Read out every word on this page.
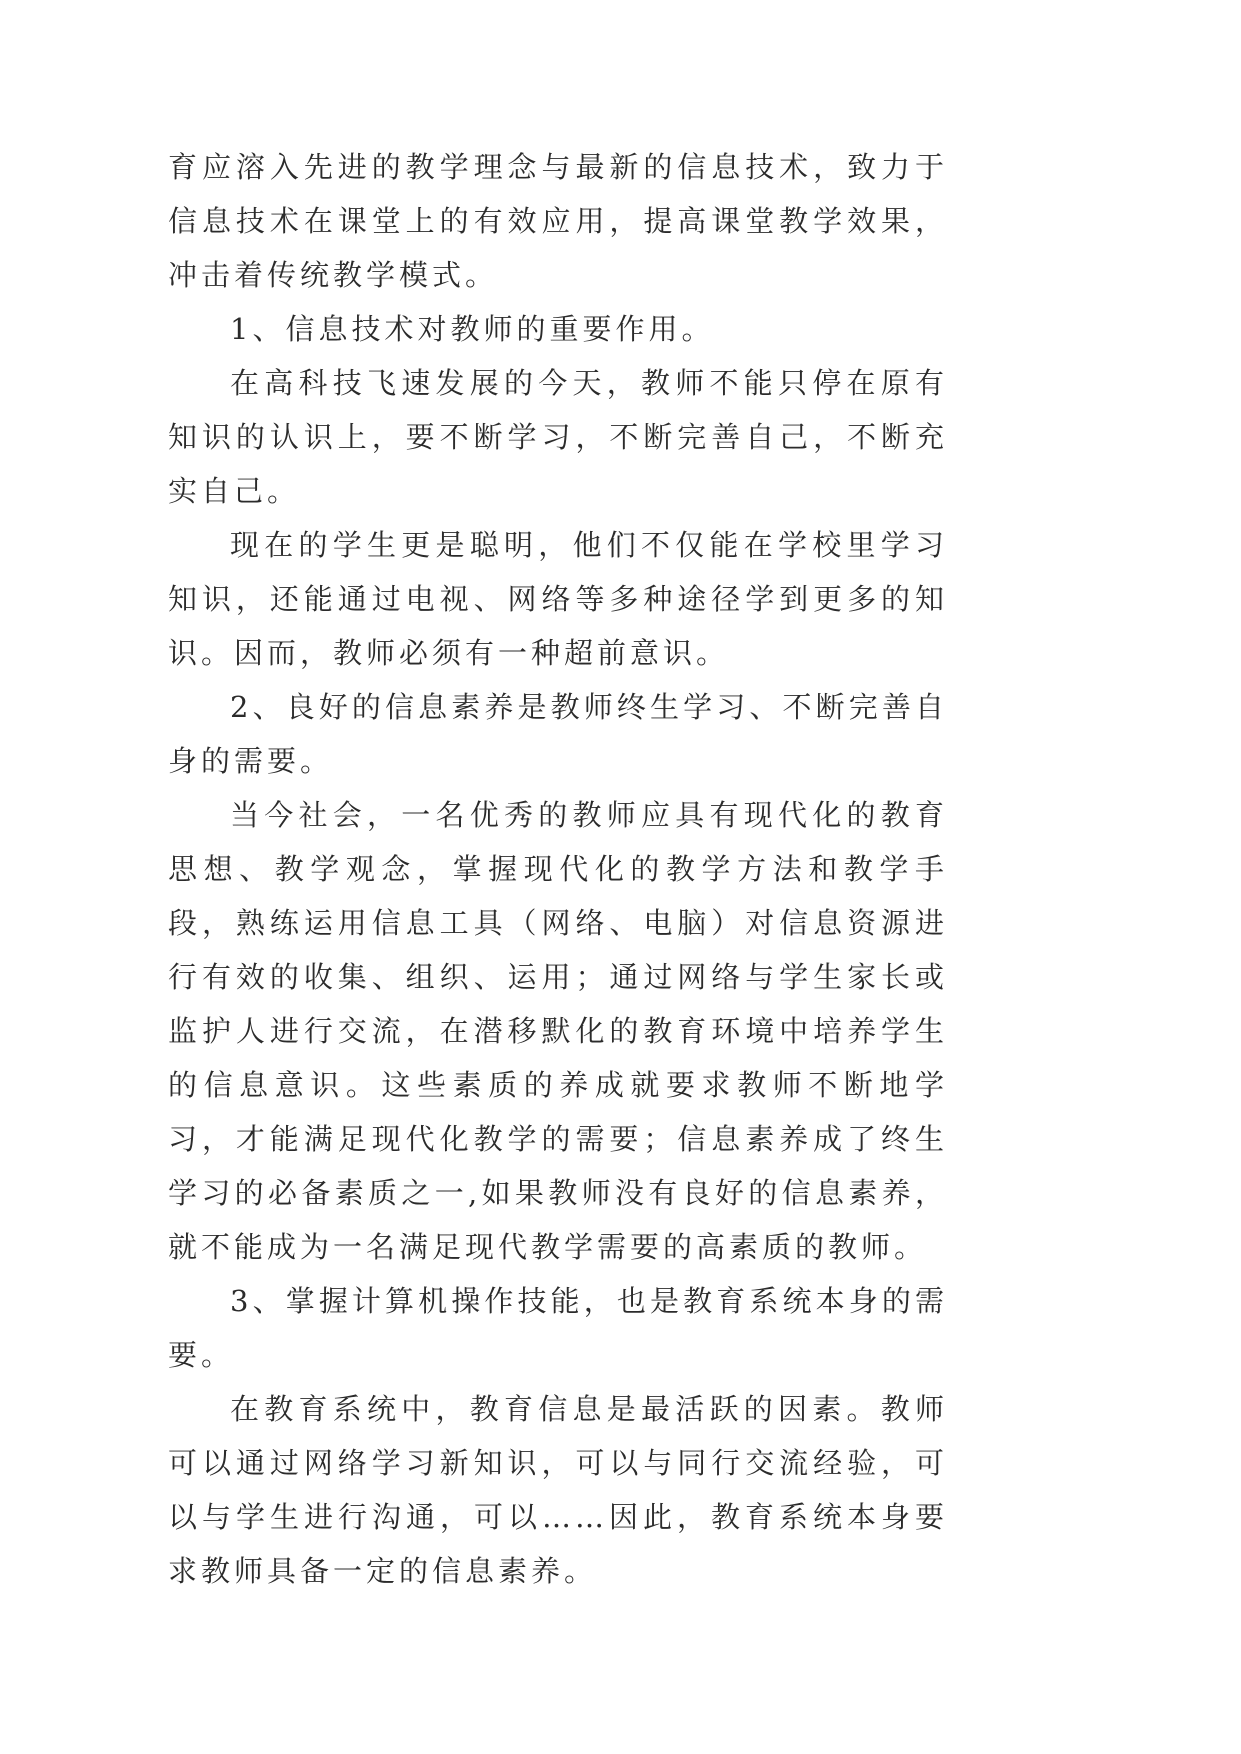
育应溶入先进的教学理念与最新的信息技术，致力于信息技术在课堂上的有效应用，提高课堂教学效果，冲击着传统教学模式。

1、信息技术对教师的重要作用。

在高科技飞速发展的今天，教师不能只停在原有知识的认识上，要不断学习，不断完善自己，不断充实自己。

现在的学生更是聪明，他们不仅能在学校里学习知识，还能通过电视、网络等多种途径学到更多的知识。因而，教师必须有一种超前意识。

2、良好的信息素养是教师终生学习、不断完善自身的需要。

当今社会，一名优秀的教师应具有现代化的教育思想、教学观念，掌握现代化的教学方法和教学手段，熟练运用信息工具（网络、电脑）对信息资源进行有效的收集、组织、运用；通过网络与学生家长或监护人进行交流，在潜移默化的教育环境中培养学生的信息意识。这些素质的养成就要求教师不断地学习，才能满足现代化教学的需要；信息素养成了终生学习的必备素质之一,如果教师没有良好的信息素养，就不能成为一名满足现代教学需要的高素质的教师。

3、掌握计算机操作技能，也是教育系统本身的需要。

在教育系统中，教育信息是最活跃的因素。教师可以通过网络学习新知识，可以与同行交流经验，可以与学生进行沟通，可以……因此，教育系统本身要求教师具备一定的信息素养。
